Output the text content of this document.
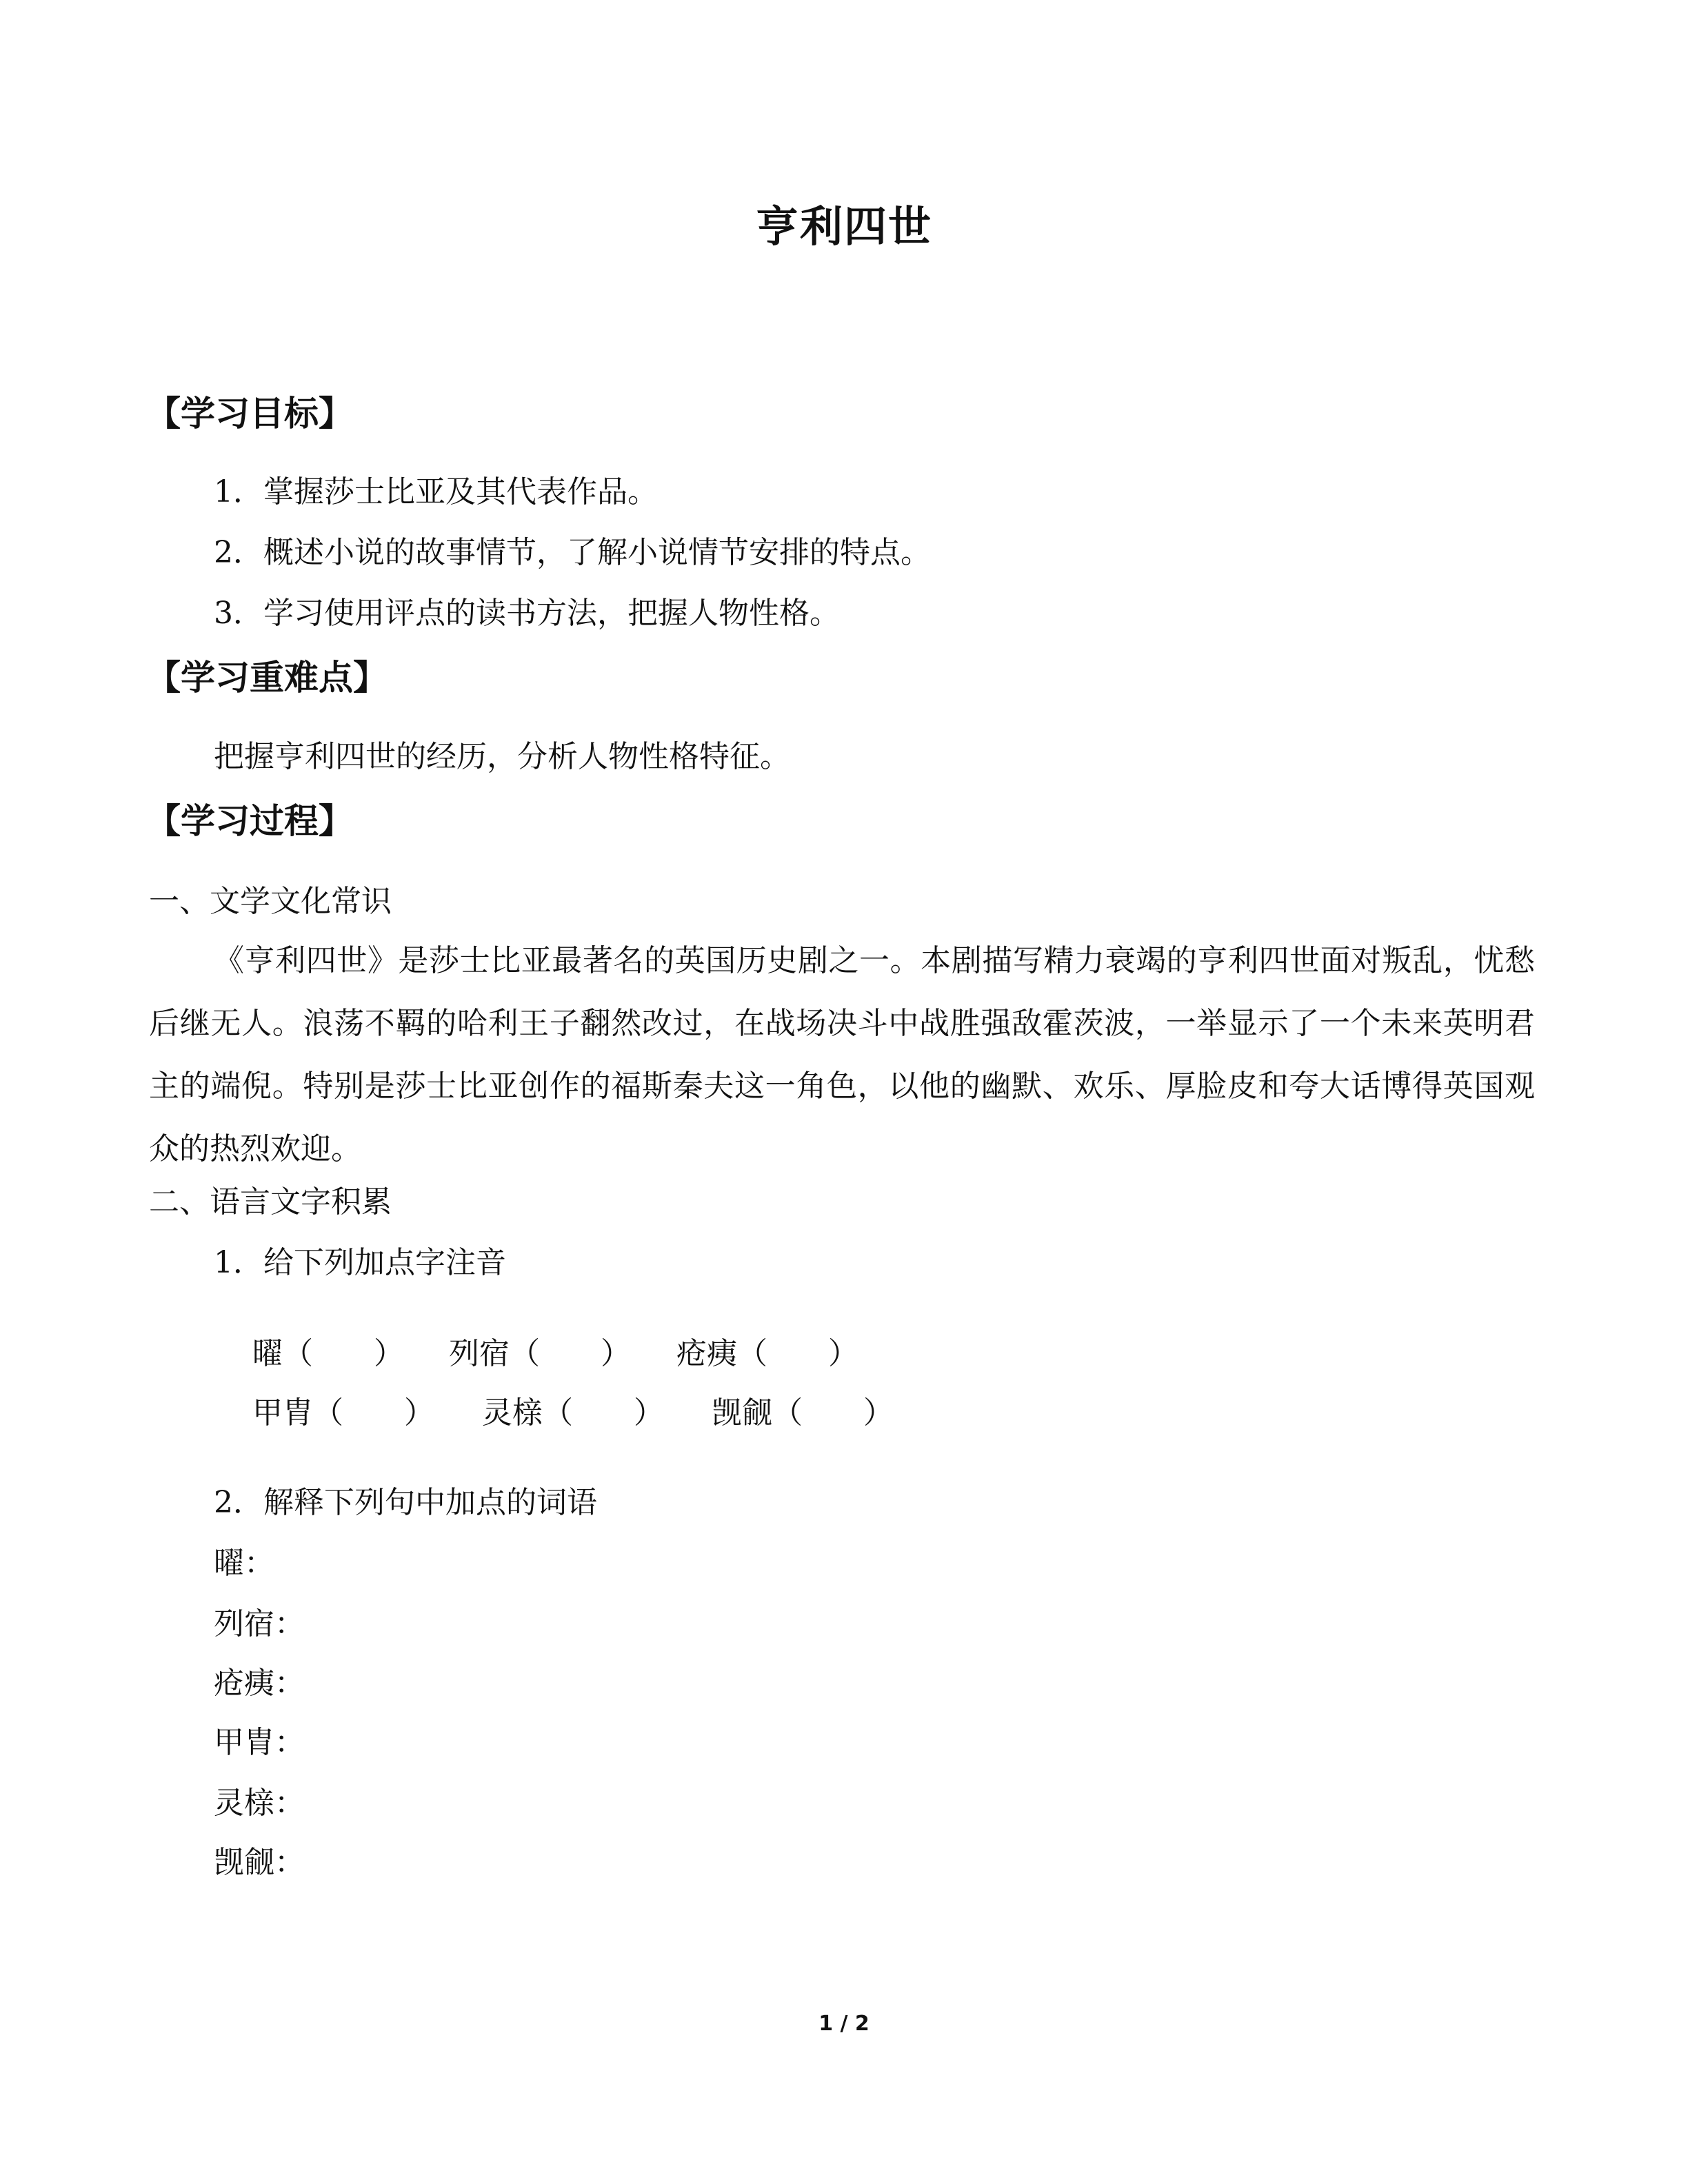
亨利四世
【学习目标】
1．掌握莎士比亚及其代表作品。
2．概述小说的故事情节，了解小说情节安排的特点。
3．学习使用评点的读书方法，把握人物性格。
【学习重难点】
把握亨利四世的经历，分析人物性格特征。
【学习过程】
一、文学文化常识
《亨利四世》是莎士比亚最著名的英国历史剧之一。本剧描写精力衰竭的亨利四世面对叛乱，忧愁后继无人。浪荡不羁的哈利王子翻然改过，在战场决斗中战胜强敌霍茨波，一举显示了一个未来英明君主的端倪。特别是莎士比亚创作的福斯秦夫这一角色，以他的幽默、欢乐、厚脸皮和夸大话博得英国观众的热烈欢迎。
二、语言文字积累
1．给下列加点字注音

曜（　　） 列宿（　　） 疮痍（　　）

甲胄（　　） 灵榇（　　） 觊觎（　　）

2．解释下列句中加点的词语
曜：
列宿：
疮痍：
甲胄：
灵榇：
觊觎：
1 / 2
